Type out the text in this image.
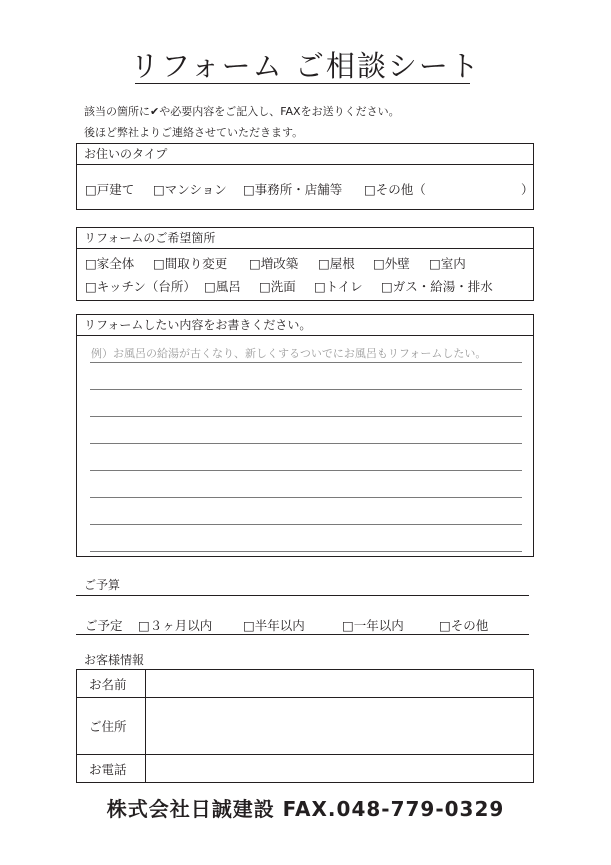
リフォーム ご相談シート
該当の箇所に✔や必要内容をご記入し、FAXをお送りください。
後ほど弊社よりご連絡させていただきます。
お住いのタイプ
□戸建て □マンション □事務所・店舗等 □その他（	）
リフォームのご希望箇所
□家全体 □間取り変更 □増改築 □屋根 □外壁 □室内
□キッチン（台所） □風呂 □洗面 □トイレ □ガス・給湯・排水
リフォームしたい内容をお書きください。
例）お風呂の給湯が古くなり、新しくするついでにお風呂もリフォームしたい。
ご予算
ご予定 □３ヶ月以内 □半年以内	□一年以内	□その他
お客様情報
お名前	
ご住所	
お電話	
株式会社日誠建設 FAX.048-779-0329
